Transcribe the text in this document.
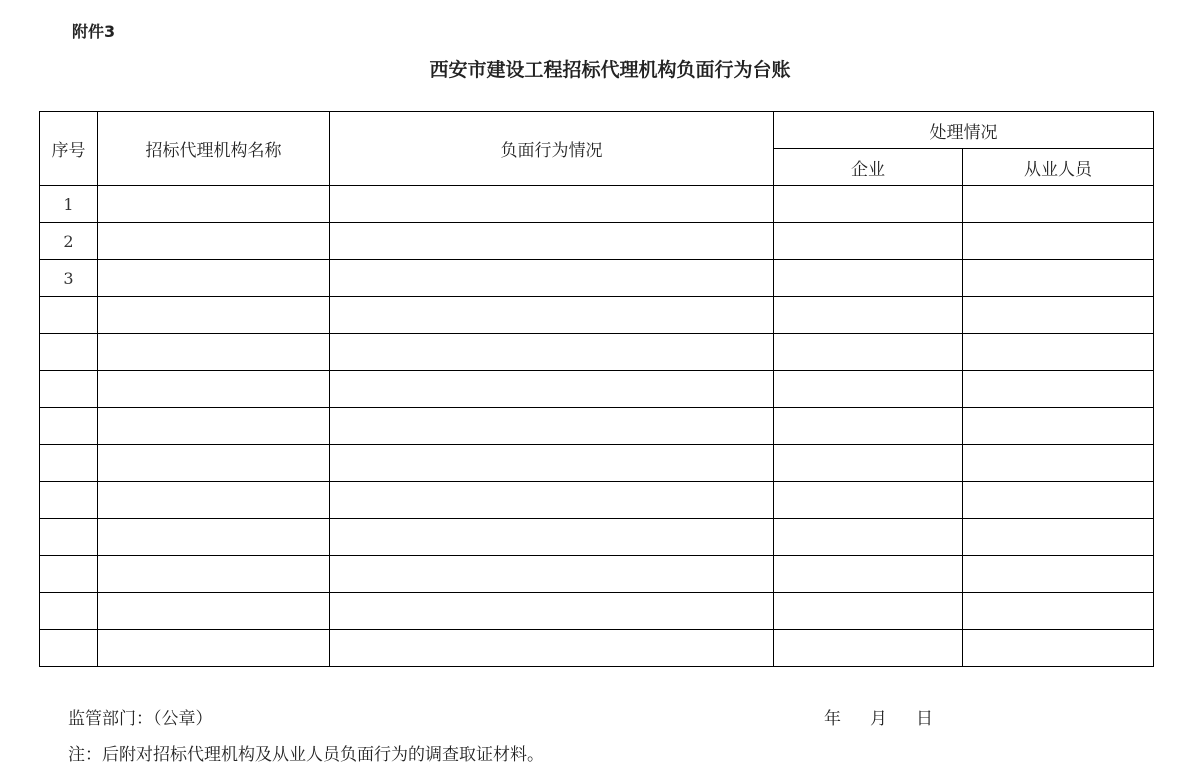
附件3
西安市建设工程招标代理机构负面行为台账
序号	招标代理机构名称	负面行为情况	处理情况	
			企业	从业人员
1				
2				
3				

监管部门：（公章）	年 月 日
注：后附对招标代理机构及从业人员负面行为的调查取证材料。
